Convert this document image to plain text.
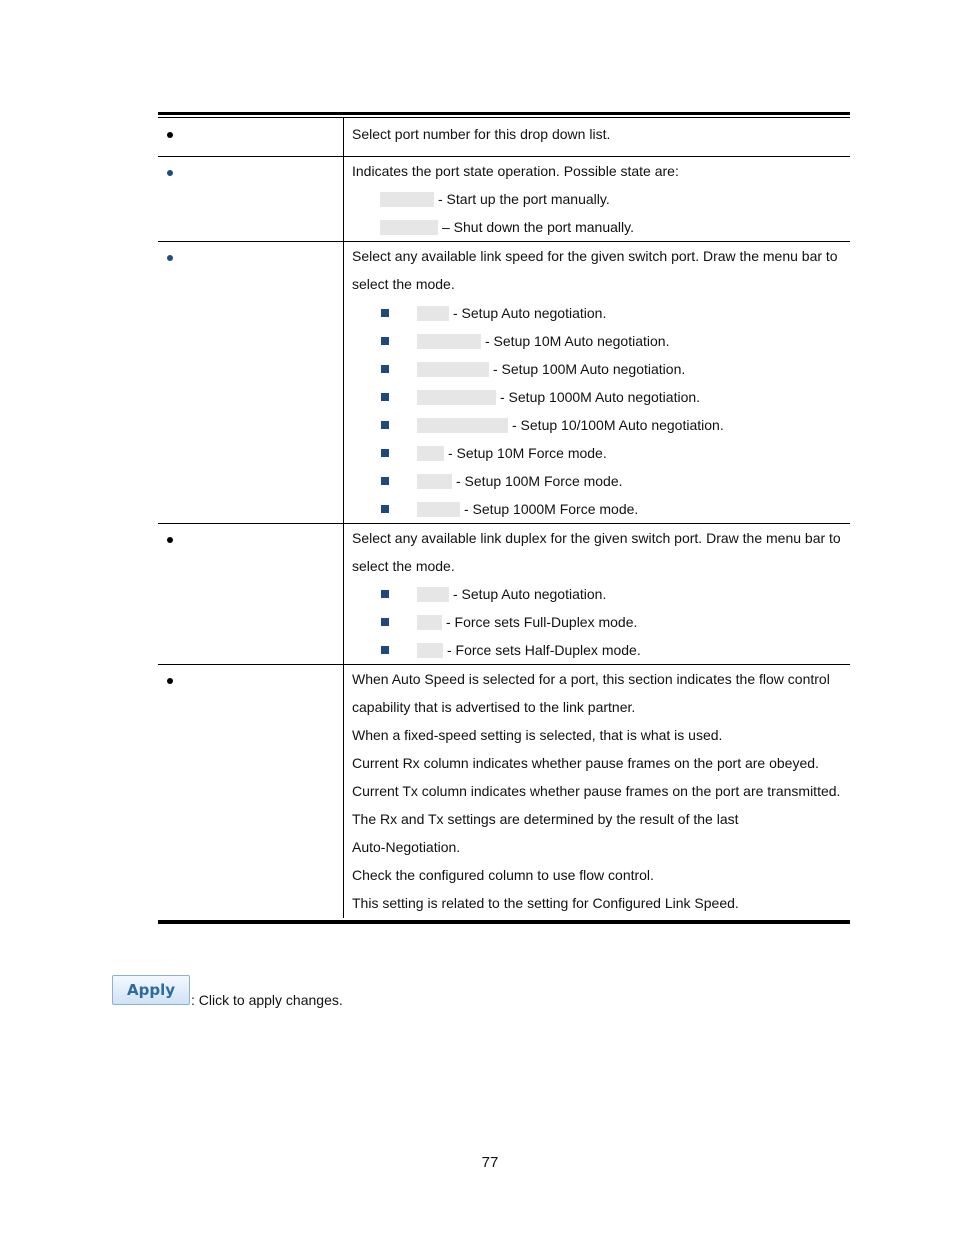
Select port number for this drop down list.
Indicates the port state operation. Possible state are:
- Start up the port manually.
– Shut down the port manually.
Select any available link speed for the given switch port. Draw the menu bar to
select the mode.
- Setup Auto negotiation.
- Setup 10M Auto negotiation.
- Setup 100M Auto negotiation.
- Setup 1000M Auto negotiation.
- Setup 10/100M Auto negotiation.
- Setup 10M Force mode.
- Setup 100M Force mode.
- Setup 1000M Force mode.
Select any available link duplex for the given switch port. Draw the menu bar to
select the mode.
- Setup Auto negotiation.
- Force sets Full-Duplex mode.
- Force sets Half-Duplex mode.
When Auto Speed is selected for a port, this section indicates the flow control
capability that is advertised to the link partner.
When a fixed-speed setting is selected, that is what is used.
Current Rx column indicates whether pause frames on the port are obeyed.
Current Tx column indicates whether pause frames on the port are transmitted.
The Rx and Tx settings are determined by the result of the last
Auto-Negotiation.
Check the configured column to use flow control.
This setting is related to the setting for Configured Link Speed.
Apply
: Click to apply changes.
77
